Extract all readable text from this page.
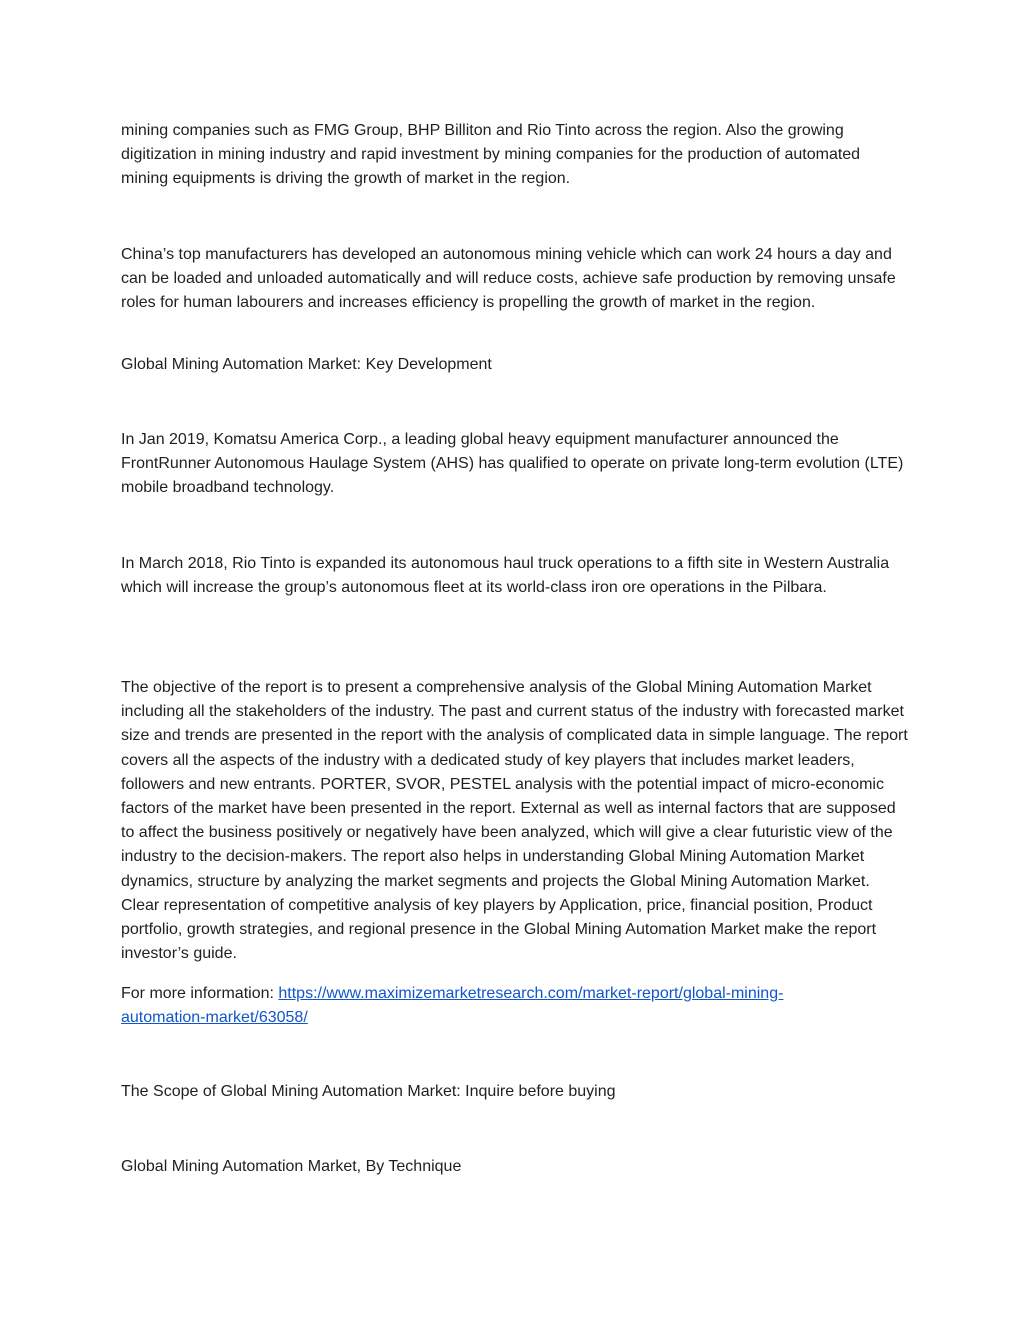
mining companies such as FMG Group, BHP Billiton and Rio Tinto across the region. Also the growing digitization in mining industry and rapid investment by mining companies for the production of automated mining equipments is driving the growth of market in the region.

China’s top manufacturers has developed an autonomous mining vehicle which can work 24 hours a day and can be loaded and unloaded automatically and will reduce costs, achieve safe production by removing unsafe roles for human labourers and increases efficiency is propelling the growth of market in the region.

Global Mining Automation Market: Key Development

In Jan 2019, Komatsu America Corp., a leading global heavy equipment manufacturer announced the FrontRunner Autonomous Haulage System (AHS) has qualified to operate on private long-term evolution (LTE) mobile broadband technology.

In March 2018, Rio Tinto is expanded its autonomous haul truck operations to a fifth site in Western Australia which will increase the group’s autonomous fleet at its world-class iron ore operations in the Pilbara.

The objective of the report is to present a comprehensive analysis of the Global Mining Automation Market including all the stakeholders of the industry. The past and current status of the industry with forecasted market size and trends are presented in the report with the analysis of complicated data in simple language. The report covers all the aspects of the industry with a dedicated study of key players that includes market leaders, followers and new entrants. PORTER, SVOR, PESTEL analysis with the potential impact of micro-economic factors of the market have been presented in the report. External as well as internal factors that are supposed to affect the business positively or negatively have been analyzed, which will give a clear futuristic view of the industry to the decision-makers. The report also helps in understanding Global Mining Automation Market dynamics, structure by analyzing the market segments and projects the Global Mining Automation Market. Clear representation of competitive analysis of key players by Application, price, financial position, Product portfolio, growth strategies, and regional presence in the Global Mining Automation Market make the report investor’s guide.

For more information: https://www.maximizemarketresearch.com/market-report/global-mining-
automation-market/63058/

The Scope of Global Mining Automation Market: Inquire before buying

Global Mining Automation Market, By Technique
